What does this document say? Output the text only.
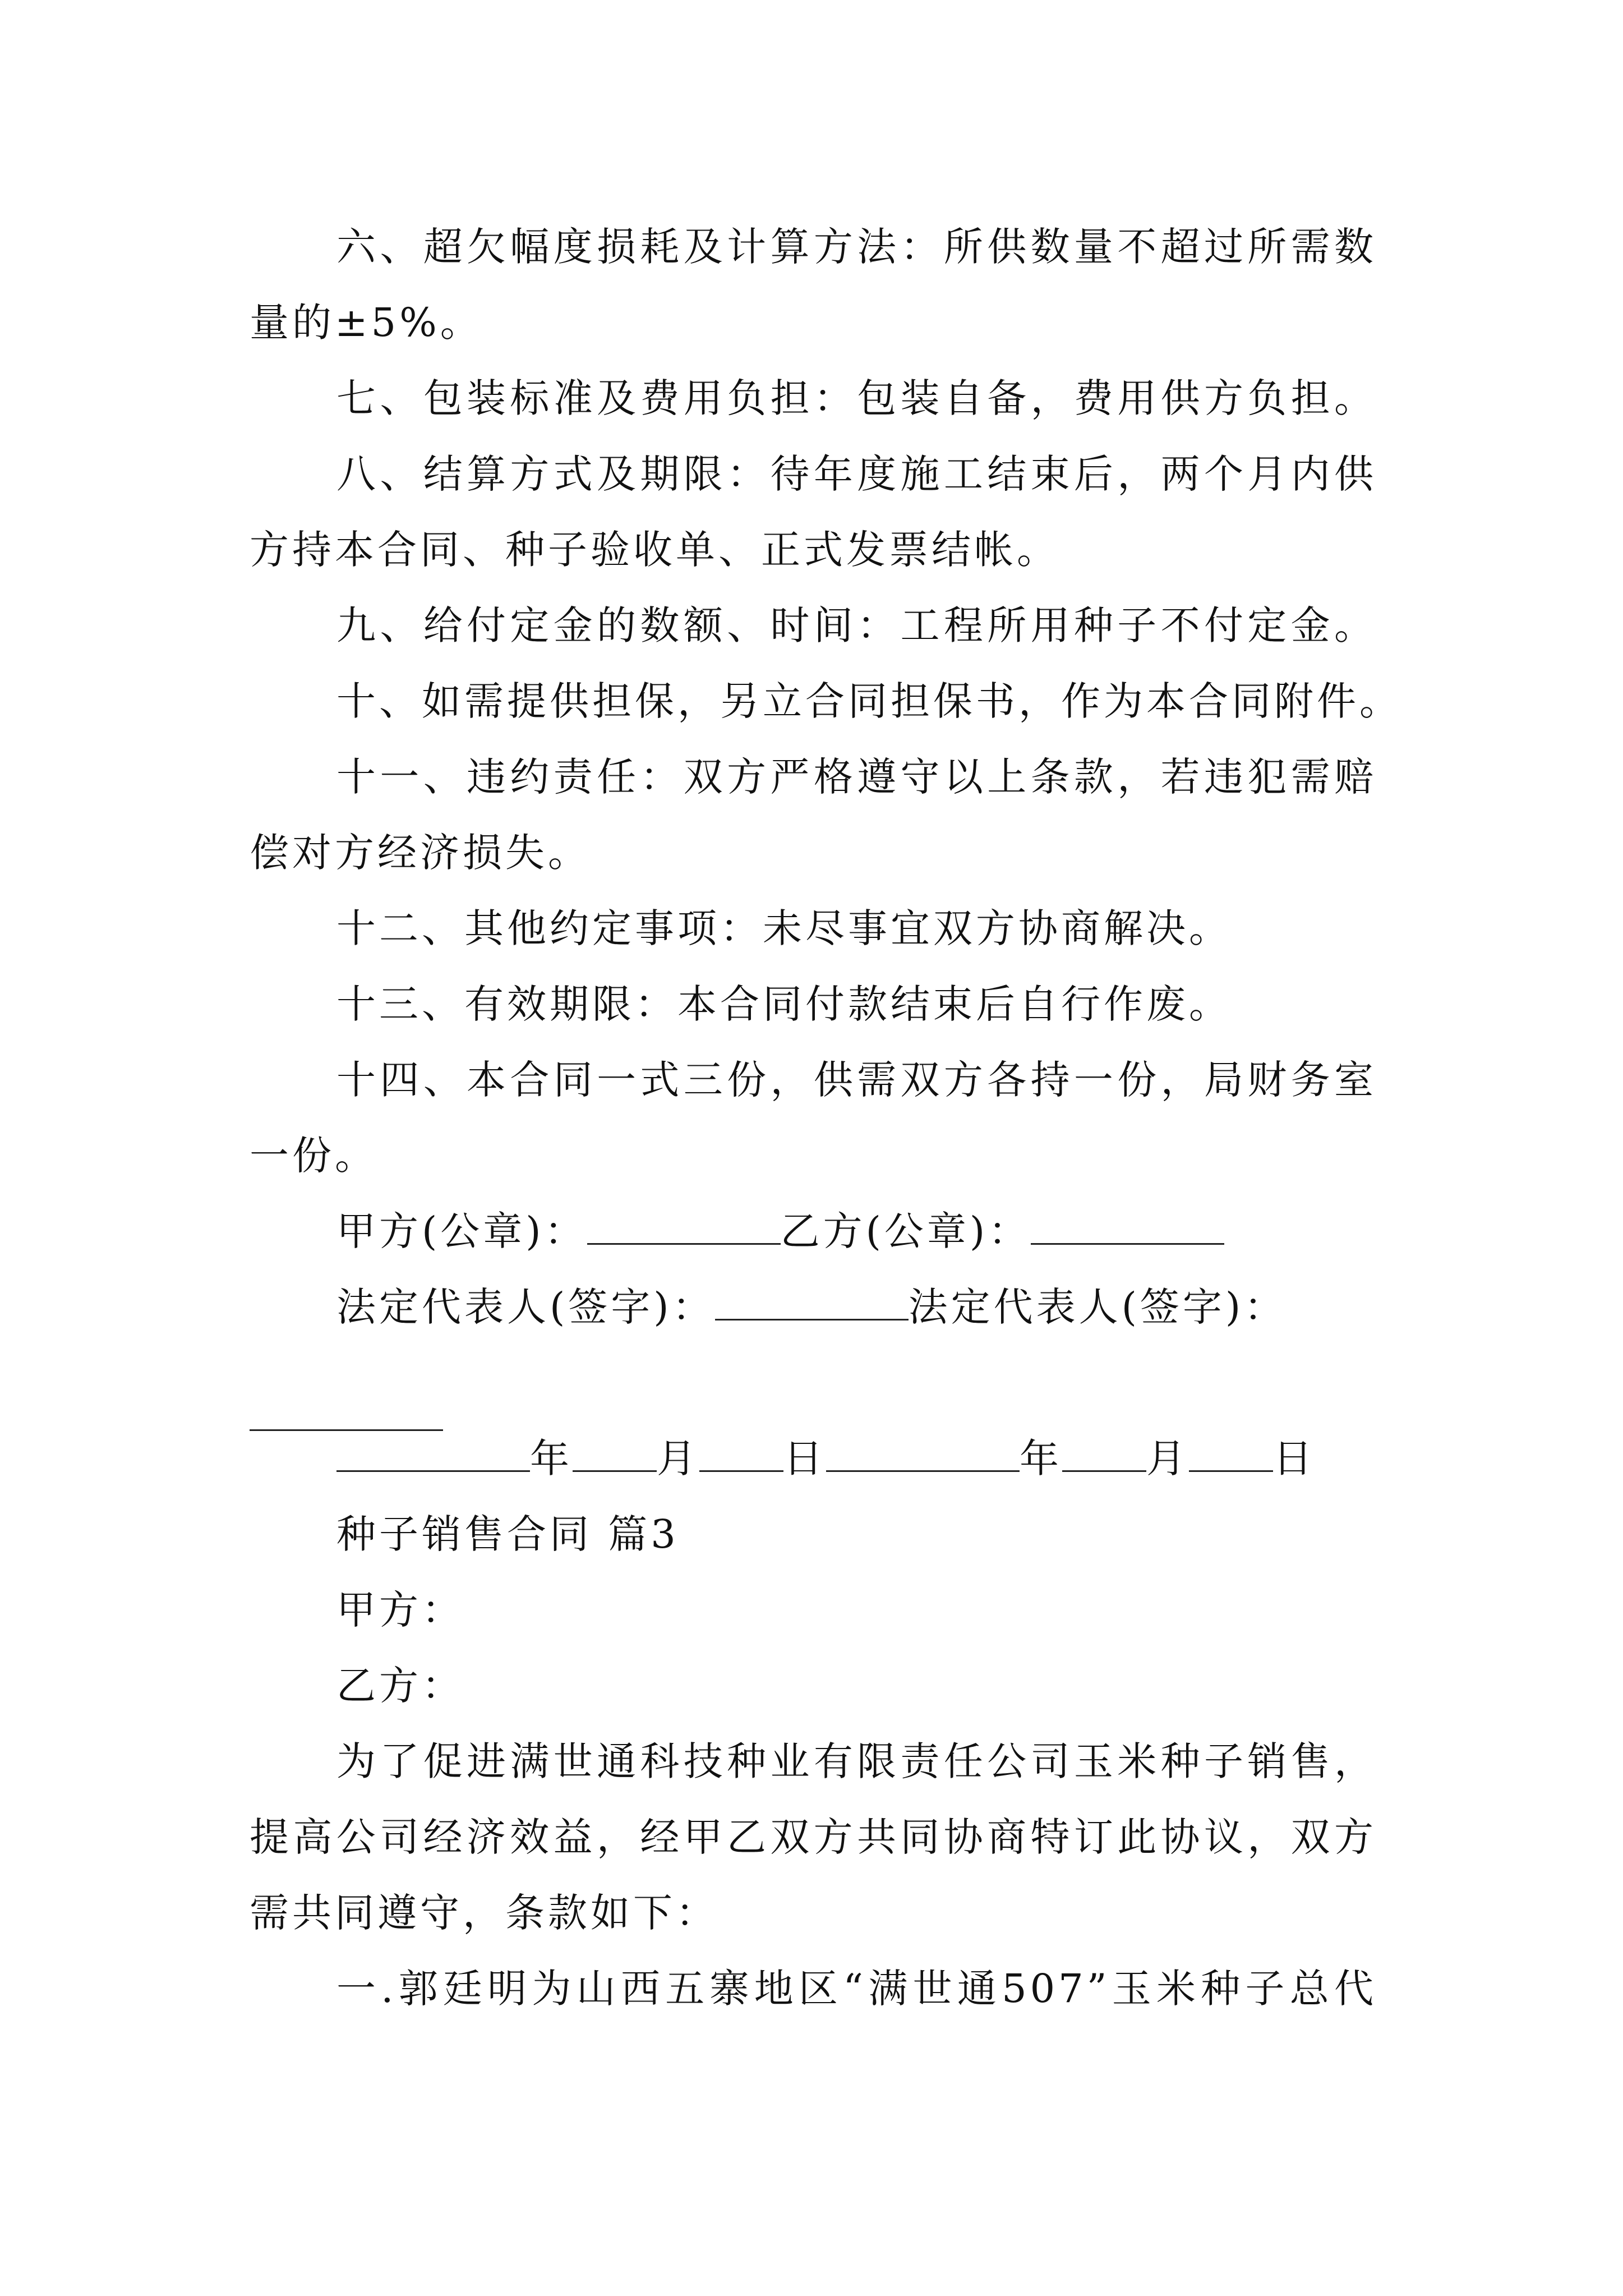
六、超欠幅度损耗及计算方法：所供数量不超过所需数
量的±5%。
七、包装标准及费用负担：包装自备，费用供方负担。
八、结算方式及期限：待年度施工结束后，两个月内供
方持本合同、种子验收单、正式发票结帐。
九、给付定金的数额、时间：工程所用种子不付定金。
十、如需提供担保，另立合同担保书，作为本合同附件。
十一、违约责任：双方严格遵守以上条款，若违犯需赔
偿对方经济损失。
十二、其他约定事项：未尽事宜双方协商解决。
十三、有效期限：本合同付款结束后自行作废。
十四、本合同一式三份，供需双方各持一份，局财务室
一份。
甲方(公章)：	乙方(公章)：
法定代表人(签字)：	法定代表人(签字)：
年 月 日	年 月 日
种子销售合同 篇3
甲方：
乙方：
为了促进满世通科技种业有限责任公司玉米种子销售，
提高公司经济效益，经甲乙双方共同协商特订此协议，双方
需共同遵守，条款如下：
一.郭廷明为山西五寨地区“满世通507”玉米种子总代
